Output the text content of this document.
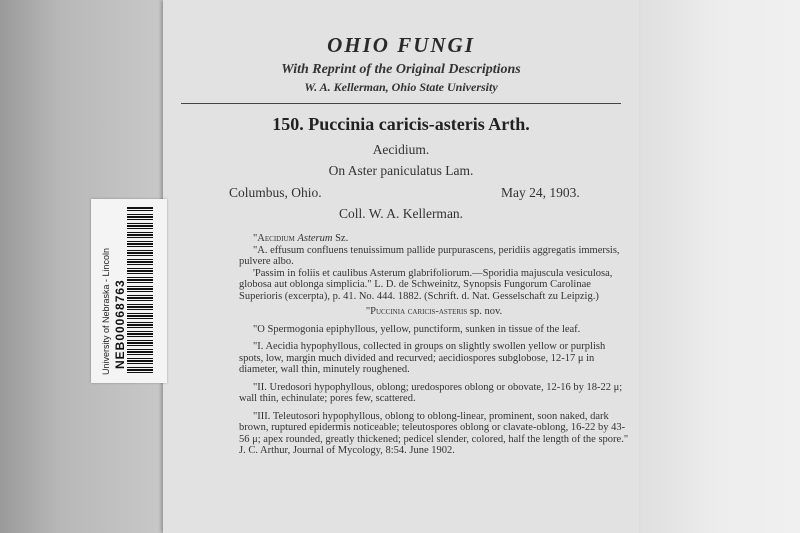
OHIO FUNGI
With Reprint of the Original Descriptions
W. A. Kellerman, Ohio State University
150. Puccinia caricis-asteris Arth.
Aecidium.
On Aster paniculatus Lam.
Columbus, Ohio.	May 24, 1903.
Coll. W. A. Kellerman.

"Aecidium Asterum Sz.

"A. effusum confluens tenuissimum pallide purpurascens, peridiis aggregatis immersis, pulvere albo.

'Passim in foliis et caulibus Asterum glabrifoliorum.—Sporidia majuscula vesiculosa, globosa aut oblonga simplicia." L. D. de Schweinitz, Synopsis Fungorum Carolinae Superioris (excerpta), p. 41. No. 444. 1882. (Schrift. d. Nat. Gesselschaft zu Leipzig.)

"Puccinia caricis-asteris sp. nov.

"O Spermogonia epiphyllous, yellow, punctiform, sunken in tissue of the leaf.

"I. Aecidia hypophyllous, collected in groups on slightly swollen yellow or purplish spots, low, margin much divided and recurved; aecidiospores subglobose, 12-17 μ in diameter, wall thin, minutely roughened.

"II. Uredosori hypophyllous, oblong; uredospores oblong or obovate, 12-16 by 18-22 μ; wall thin, echinulate; pores few, scattered.

"III. Teleutosori hypophyllous, oblong to oblong-linear, prominent, soon naked, dark brown, ruptured epidermis noticeable; teleutospores oblong or clavate-oblong, 16-22 by 43-56 μ; apex rounded, greatly thickened; pedicel slender, colored, half the length of the spore." J. C. Arthur, Journal of Mycology, 8:54. June 1902.

University of Nebraska - Lincoln NEB00068763
